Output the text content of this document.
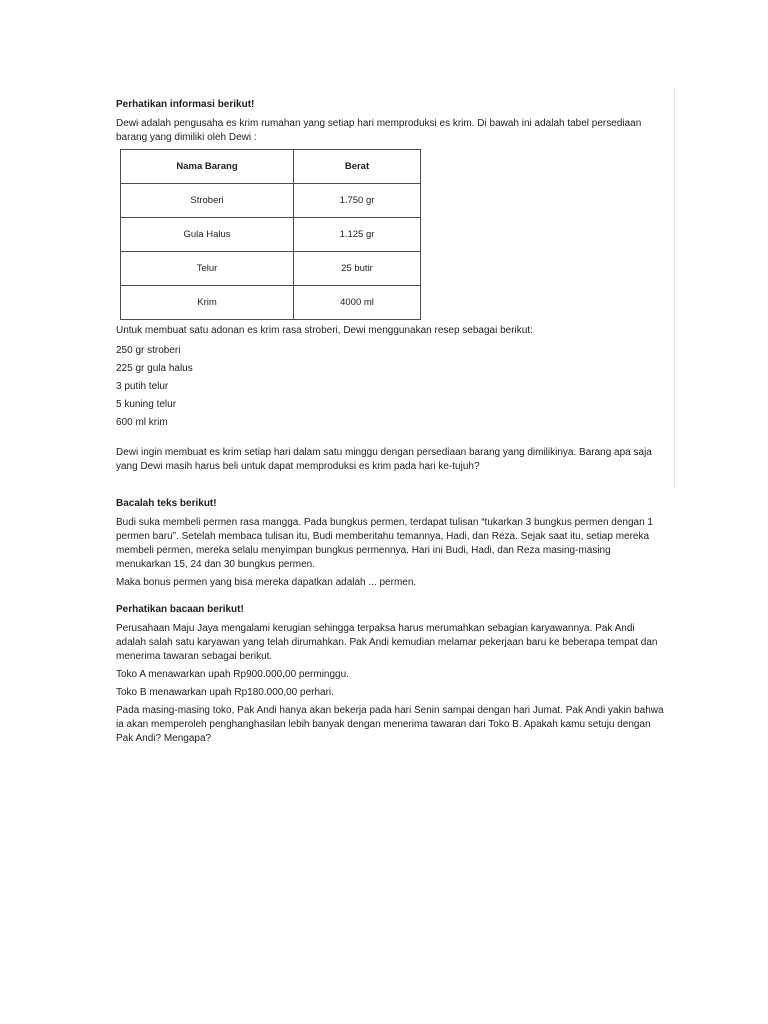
Perhatikan informasi berikut!

Dewi adalah pengusaha es krim rumahan yang setiap hari memproduksi es krim. Di bawah ini adalah tabel persediaan barang yang dimiliki oleh Dewi :

Nama Barang	Berat
Stroberi	1.750 gr
Gula Halus	1.125 gr
Telur	25 butir
Krim	4000 ml

Untuk membuat satu adonan es krim rasa stroberi, Dewi menggunakan resep sebagai berikut:

250 gr stroberi
225 gr gula halus
3 putih telur
5 kuning telur
600 ml krim

Dewi ingin membuat es krim setiap hari dalam satu minggu dengan persediaan barang yang dimilikinya. Barang apa saja yang Dewi masih harus beli untuk dapat memproduksi es krim pada hari ke-tujuh?

Bacalah teks berikut!

Budi suka membeli permen rasa mangga. Pada bungkus permen, terdapat tulisan “tukarkan 3 bungkus permen dengan 1 permen baru”. Setelah membaca tulisan itu, Budi memberitahu temannya, Hadi, dan Reza. Sejak saat itu, setiap mereka membeli permen, mereka selalu menyimpan bungkus permennya. Hari ini Budi, Hadi, dan Reza masing-masing menukarkan 15, 24 dan 30 bungkus permen.

Maka bonus permen yang bisa mereka dapatkan adalah ... permen.

Perhatikan bacaan berikut!

Perusahaan Maju Jaya mengalami kerugian sehingga terpaksa harus merumahkan sebagian karyawannya. Pak Andi adalah salah satu karyawan yang telah dirumahkan. Pak Andi kemudian melamar pekerjaan baru ke beberapa tempat dan menerima tawaran sebagai berikut.

Toko A menawarkan upah Rp900.000,00 perminggu.

Toko B menawarkan upah Rp180.000,00 perhari.

Pada masing-masing toko, Pak Andi hanya akan bekerja pada hari Senin sampai dengan hari Jumat. Pak Andi yakin bahwa ia akan memperoleh penghanghasilan lebih banyak dengan menerima tawaran dari Toko B. Apakah kamu setuju dengan Pak Andi? Mengapa?
